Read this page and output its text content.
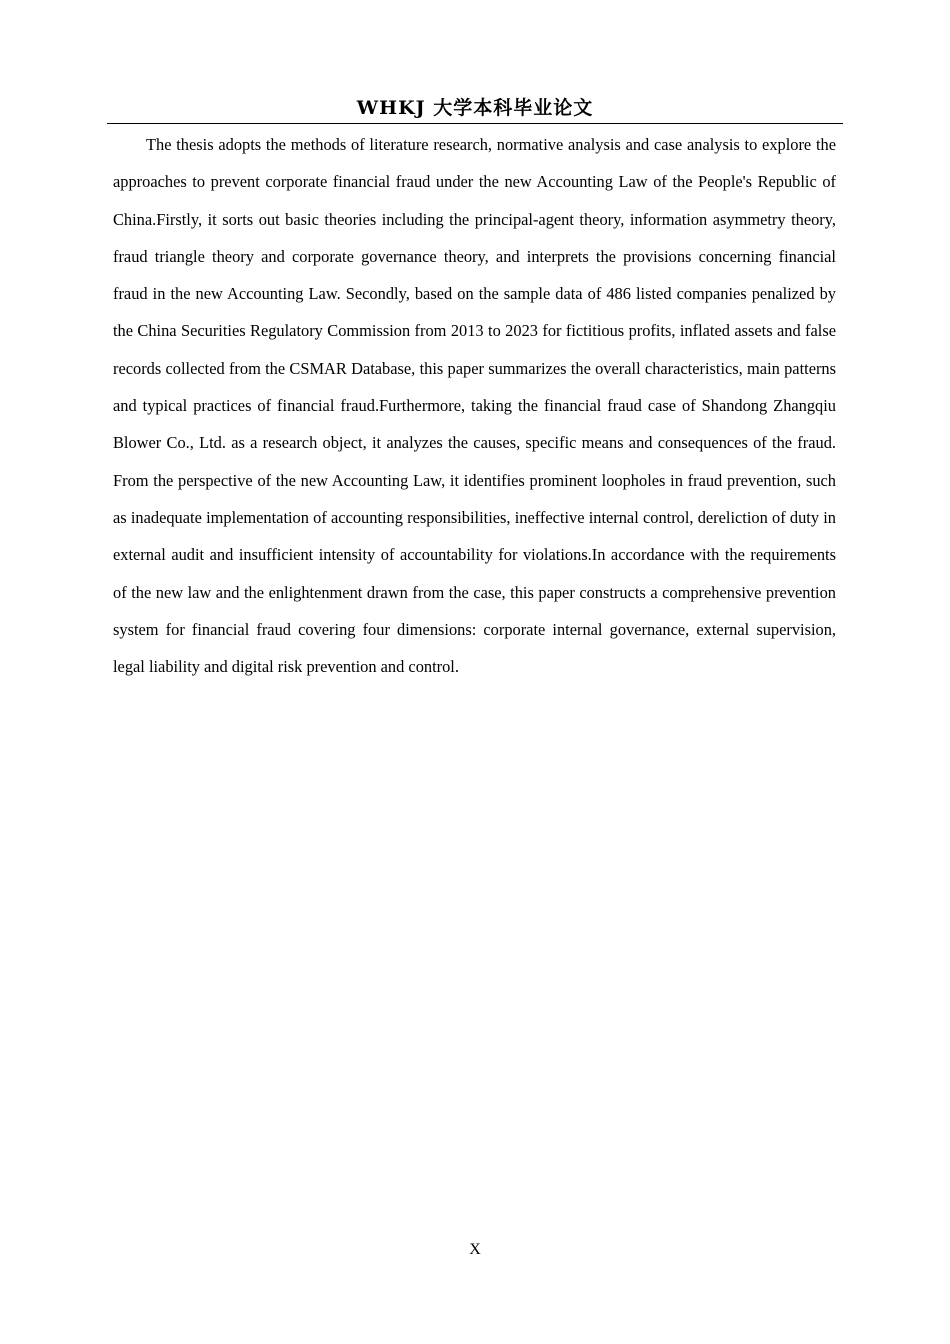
WHKJ 大学本科毕业论文

The thesis adopts the methods of literature research, normative analysis and case analysis to explore the approaches to prevent corporate financial fraud under the new Accounting Law of the People's Republic of China.Firstly, it sorts out basic theories including the principal-agent theory, information asymmetry theory, fraud triangle theory and corporate governance theory, and interprets the provisions concerning financial fraud in the new Accounting Law. Secondly, based on the sample data of 486 listed companies penalized by the China Securities Regulatory Commission from 2013 to 2023 for fictitious profits, inflated assets and false records collected from the CSMAR Database, this paper summarizes the overall characteristics, main patterns and typical practices of financial fraud.Furthermore, taking the financial fraud case of Shandong Zhangqiu Blower Co., Ltd. as a research object, it analyzes the causes, specific means and consequences of the fraud. From the perspective of the new Accounting Law, it identifies prominent loopholes in fraud prevention, such as inadequate implementation of accounting responsibilities, ineffective internal control, dereliction of duty in external audit and insufficient intensity of accountability for violations.In accordance with the requirements of the new law and the enlightenment drawn from the case, this paper constructs a comprehensive prevention system for financial fraud covering four dimensions: corporate internal governance, external supervision, legal liability and digital risk prevention and control.

X
